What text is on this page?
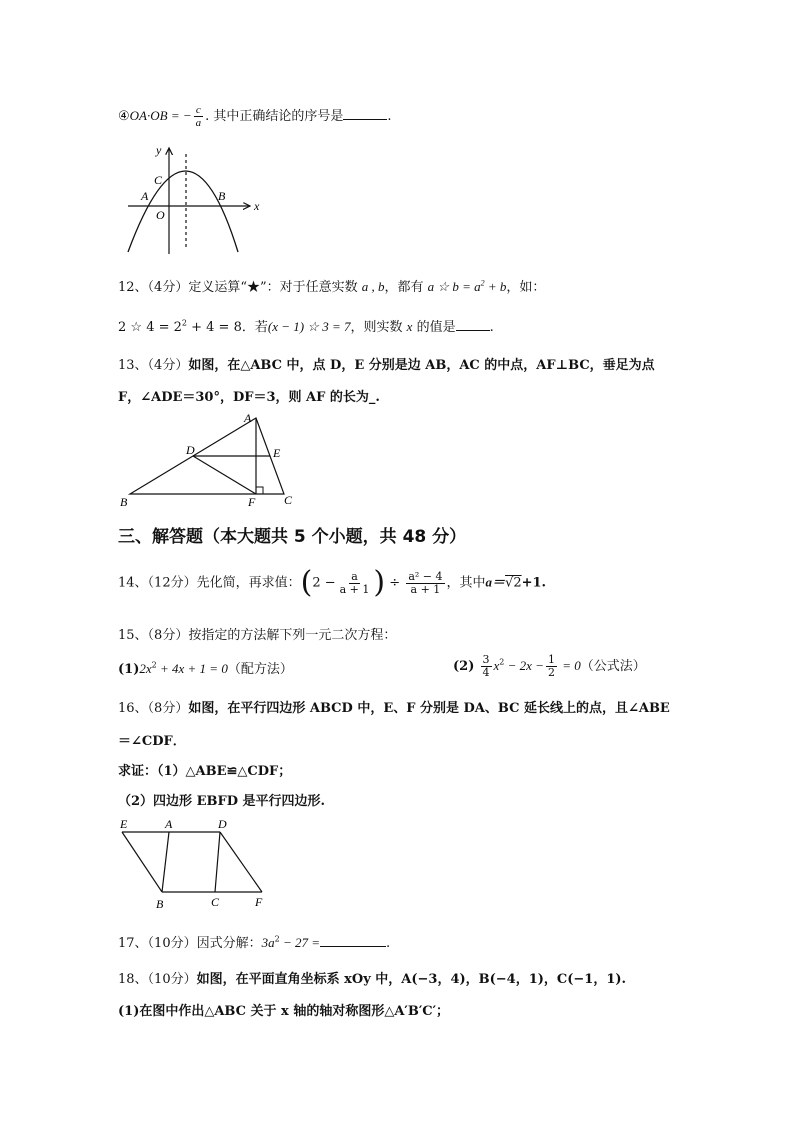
④OA·OB = − $\frac{c}{a}$ . 其中正确结论的序号是	.
y
C
A	B
x
O
12、（4分）定义运算“★”：对于任意实数 a , b，都有 a ☆ $b = a^2 + b$，如：
2 ☆ $4 = 2^2 + 4 = 8$．若(x − 1) ☆ 3 = 7，则实数 x 的值是	.
13、（4分）如图，在△ABC 中，点 D，E 分别是边 AB，AC 的中点，AF⊥BC，垂足为点
F，∠ADE＝30°，DF＝3，则 AF 的长为_.
A
D	E
B	F C
三、解答题（本大题共 5 个小题，共 48 分）
14、（12分）先化简，再求值：($2 - \frac{a}{a + 1}$ ) ÷ $\frac{\text{a² − 4}}{a + 1}$ ，其中a＝√2+1.
15、（8分）按指定的方法解下列一元二次方程：
$(1)2x^2 + 4x + 1 = 0$（配方法）	$(2) \frac{3}{4} x^2 - 2x - \frac{1}{2} = 0$（公式法）
16、（8分）如图，在平行四边形 ABCD 中，E、F 分别是 DA、BC 延长线上的点，且∠ABE
＝∠CDF．
求证：（1）△ABE≌△CDF；
（2）四边形 EBFD 是平行四边形.
E	A	D
B	C	F
17、（10分）因式分解：$3a^2 - 27$ =	.
18、（10分）如图，在平面直角坐标系 xOy 中，A(−3，4)，B(−4，1)，C(−1，1).
(1)在图中作出△ABC 关于 x 轴的轴对称图形△A′B′C′；
